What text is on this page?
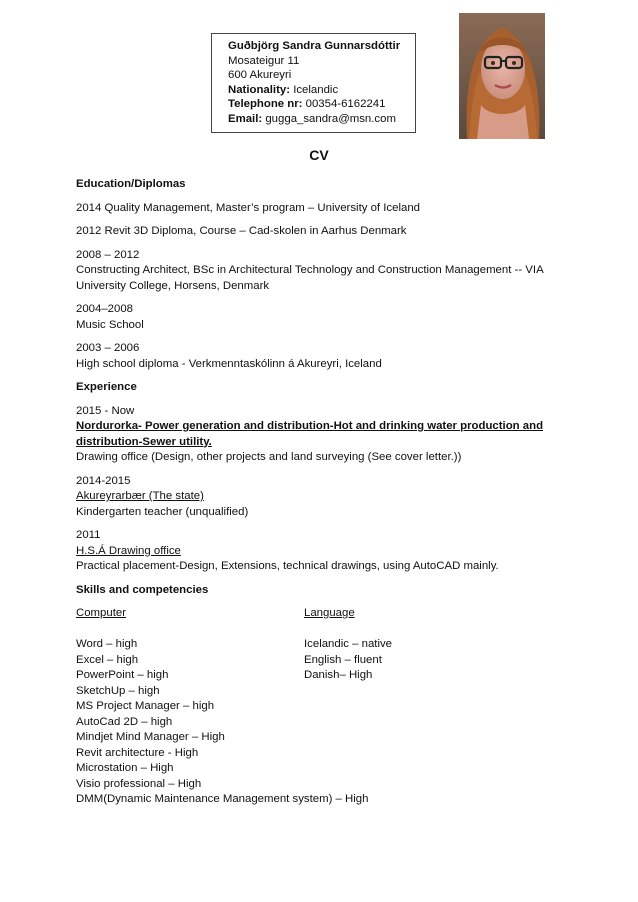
Guðbjörg Sandra Gunnarsdóttir
Mosateigur 11
600 Akureyri
Nationality: Icelandic
Telephone nr: 00354-6162241
Email: gugga_sandra@msn.com
CV
Education/Diplomas
2014 Quality Management, Master’s program – University of Iceland
2012 Revit 3D Diploma, Course – Cad-skolen in Aarhus Denmark
2008 – 2012
Constructing Architect, BSc in Architectural Technology and Construction Management -- VIA
University College, Horsens, Denmark
2004–2008
Music School
2003 – 2006
High school diploma - Verkmenntaskólinn á Akureyri, Iceland
Experience
2015 - Now
Nordurorka- Power generation and distribution-Hot and drinking water production and
distribution-Sewer utility.
Drawing office (Design, other projects and land surveying (See cover letter.))
2014-2015
Akureyrarbær (The state)
Kindergarten teacher (unqualified)
2011
H.S.Á Drawing office
Practical placement-Design, Extensions, technical drawings, using AutoCAD mainly.
Skills and competencies
Computer
Word – high
Excel – high
PowerPoint – high
SketchUp – high
MS Project Manager – high
AutoCad 2D – high
Mindjet Mind Manager – High
Revit architecture - High
Microstation – High
Visio professional – High
DMM(Dynamic Maintenance Management system) – High
Language
Icelandic – native
English – fluent
Danish– High
